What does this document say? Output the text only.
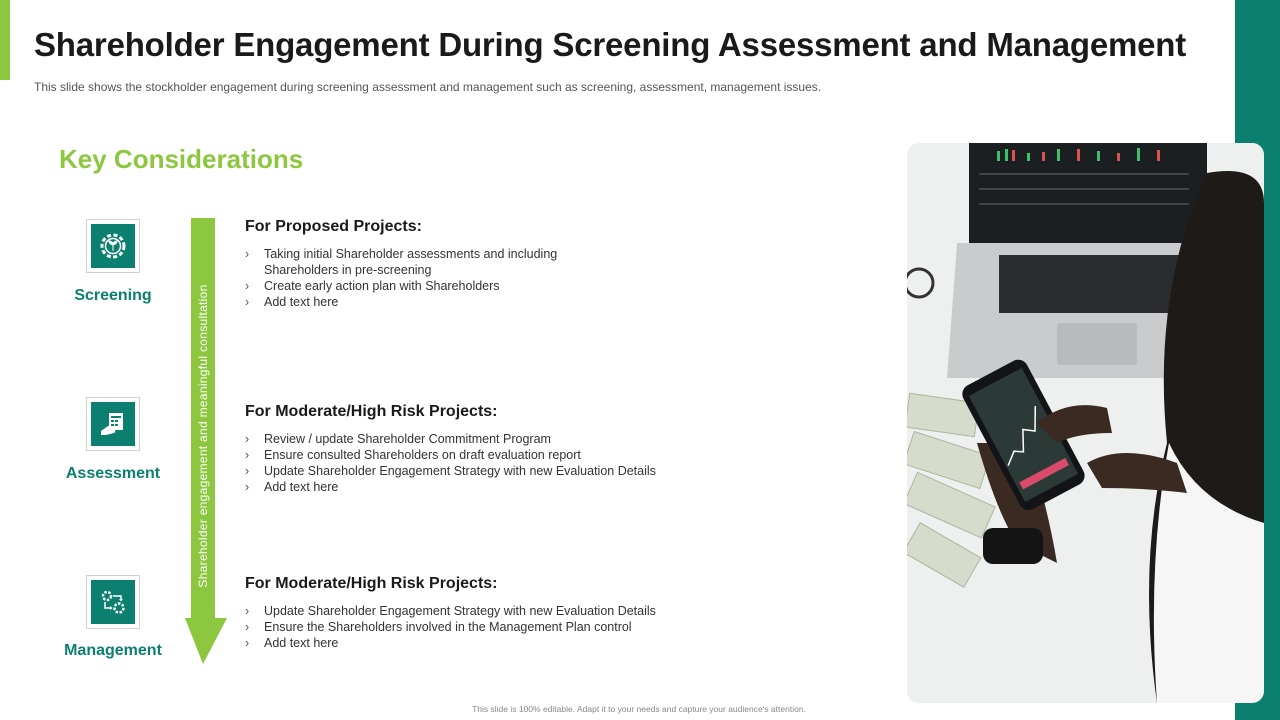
Shareholder Engagement During Screening Assessment and Management
This slide shows the stockholder engagement during screening assessment and management such as screening, assessment, management issues.
Key Considerations
Screening
Assessment
Management
Shareholder engagement and meaningful consultation
For Proposed Projects:
› Taking initial Shareholder assessments and including
Shareholders in pre-screening
› Create early action plan with Shareholders
› Add text here
For Moderate/High Risk Projects:
› Review / update Shareholder Commitment Program
› Ensure consulted Shareholders on draft evaluation report
› Update Shareholder Engagement Strategy with new Evaluation Details
› Add text here
For Moderate/High Risk Projects:
› Update Shareholder Engagement Strategy with new Evaluation Details
› Ensure the Shareholders involved in the Management Plan control
› Add text here
This slide is 100% editable. Adapt it to your needs and capture your audience's attention.
